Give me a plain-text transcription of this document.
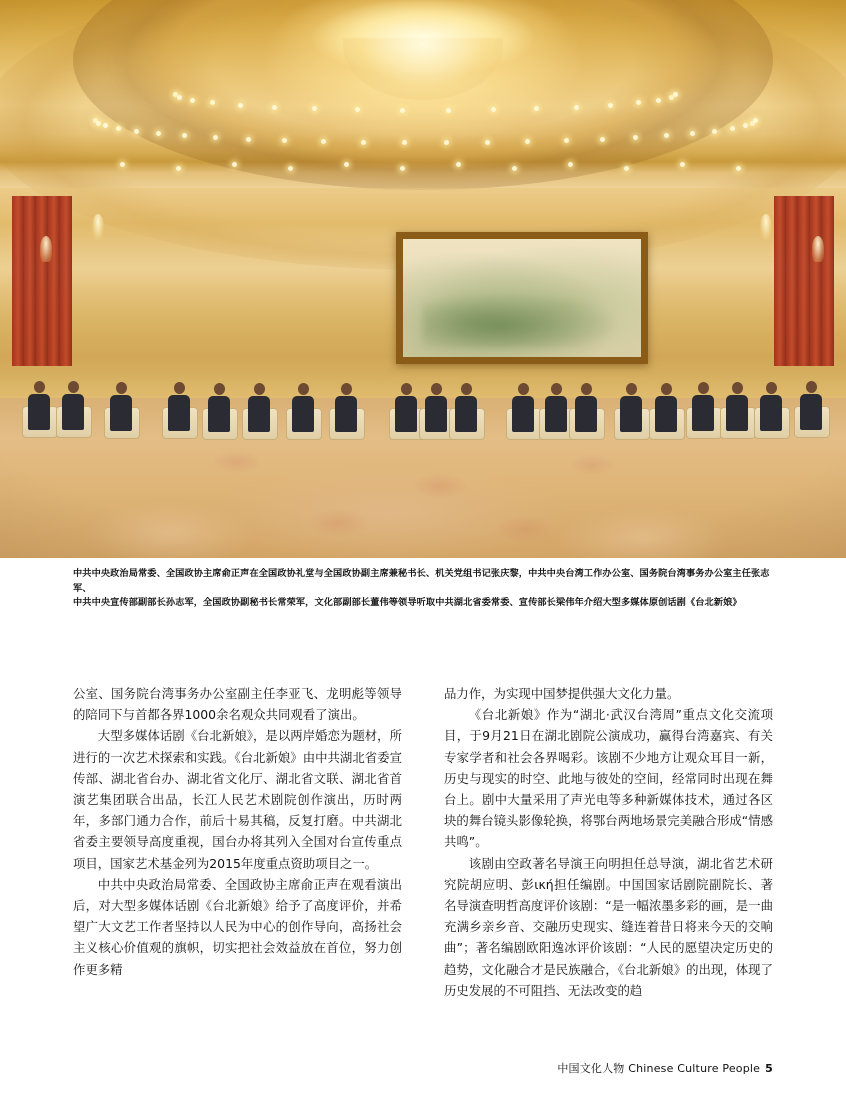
中共中央政治局常委、全国政协主席俞正声在全国政协礼堂与全国政协副主席兼秘书长、机关党组书记张庆黎，中共中央台湾工作办公室、国务院台湾事务办公室主任张志军、
中共中央宣传部副部长孙志军，全国政协副秘书长常荣军，文化部副部长董伟等领导听取中共湖北省委常委、宣传部长梁伟年介绍大型多媒体原创话剧《台北新娘》

公室、国务院台湾事务办公室副主任李亚飞、龙明彪等领导的陪同下与首都各界1000余名观众共同观看了演出。

大型多媒体话剧《台北新娘》，是以两岸婚恋为题材，所进行的一次艺术探索和实践。《台北新娘》由中共湖北省委宣传部、湖北省台办、湖北省文化厅、湖北省文联、湖北省首演艺集团联合出品，长江人民艺术剧院创作演出，历时两年，多部门通力合作，前后十易其稿，反复打磨。中共湖北省委主要领导高度重视，国台办将其列入全国对台宣传重点项目，国家艺术基金列为2015年度重点资助项目之一。

中共中央政治局常委、全国政协主席俞正声在观看演出后，对大型多媒体话剧《台北新娘》给予了高度评价，并希望广大文艺工作者坚持以人民为中心的创作导向，高扬社会主义核心价值观的旗帜，切实把社会效益放在首位，努力创作更多精

品力作，为实现中国梦提供强大文化力量。

《台北新娘》作为“湖北·武汉台湾周”重点文化交流项目，于9月21日在湖北剧院公演成功，赢得台湾嘉宾、有关专家学者和社会各界喝彩。该剧不少地方让观众耳目一新，历史与现实的时空、此地与彼处的空间，经常同时出现在舞台上。剧中大量采用了声光电等多种新媒体技术，通过各区块的舞台镜头影像轮换，将鄂台两地场景完美融合形成“情感共鸣”。

该剧由空政著名导演王向明担任总导演，湖北省艺术研究院胡应明、彭ική担任编剧。中国国家话剧院副院长、著名导演查明哲高度评价该剧：“是一幅浓墨多彩的画，是一曲充满乡亲乡音、交融历史现实、缝连着昔日将来今天的交响曲”；著名编剧欧阳逸冰评价该剧：“人民的愿望决定历史的趋势，文化融合才是民族融合，《台北新娘》的出现，体现了历史发展的不可阻挡、无法改变的趋

中国文化人物 Chinese Culture People 5
